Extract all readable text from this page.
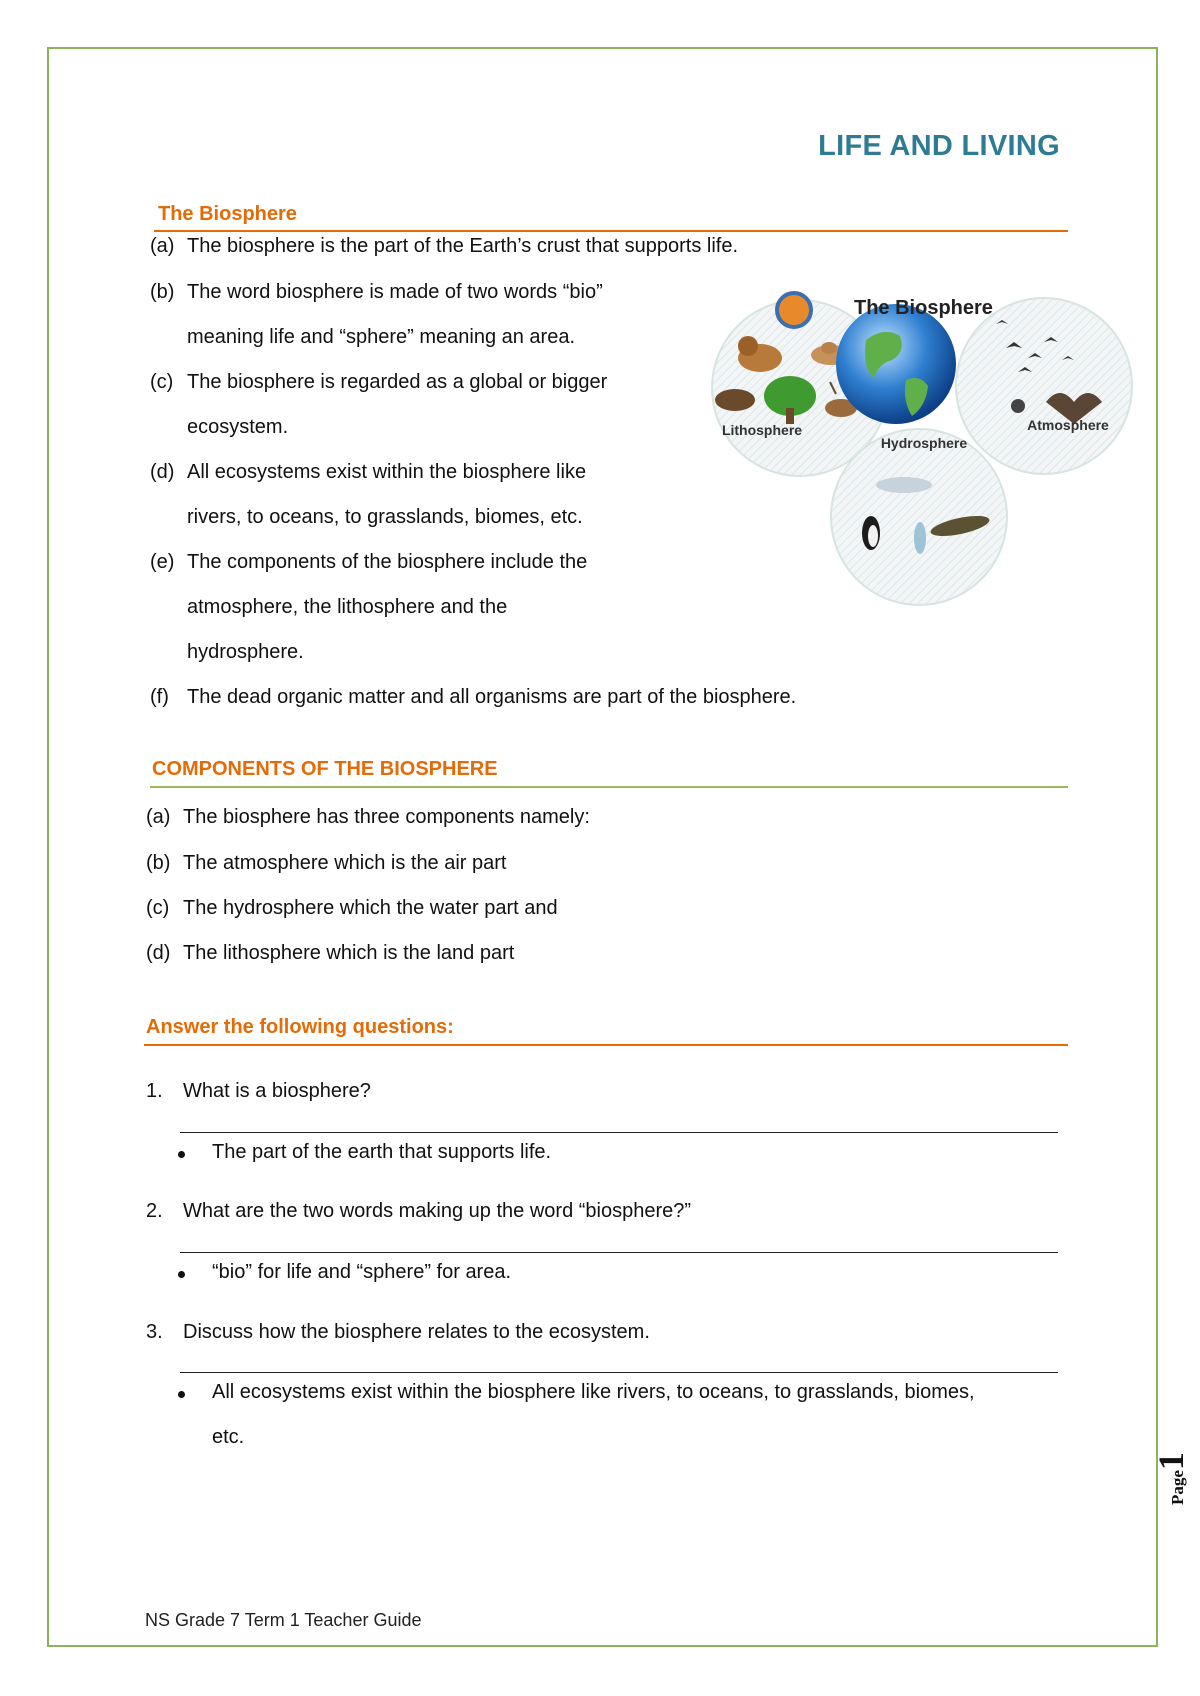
LIFE AND LIVING
The Biosphere
(a) The biosphere is the part of the Earth’s crust that supports life.
(b) The word biosphere is made of two words “bio”
meaning life and “sphere” meaning an area.
(c) The biosphere is regarded as a global or bigger
ecosystem.
(d) All ecosystems exist within the biosphere like
rivers, to oceans, to grasslands, biomes, etc.
(e) The components of the biosphere include the
atmosphere, the lithosphere and the
hydrosphere.
(f) The dead organic matter and all organisms are part of the biosphere.
The Biosphere
Lithosphere
Hydrosphere
Atmosphere
COMPONENTS OF THE BIOSPHERE
(a) The biosphere has three components namely:
(b) The atmosphere which is the air part
(c) The hydrosphere which the water part and
(d) The lithosphere which is the land part
Answer the following questions:
1. What is a biosphere?
The part of the earth that supports life.
2. What are the two words making up the word “biosphere?”
“bio” for life and “sphere” for area.
3. Discuss how the biosphere relates to the ecosystem.
All ecosystems exist within the biosphere like rivers, to oceans, to grasslands, biomes,
etc.
Page1

NS Grade 7 Term 1 Teacher Guide
